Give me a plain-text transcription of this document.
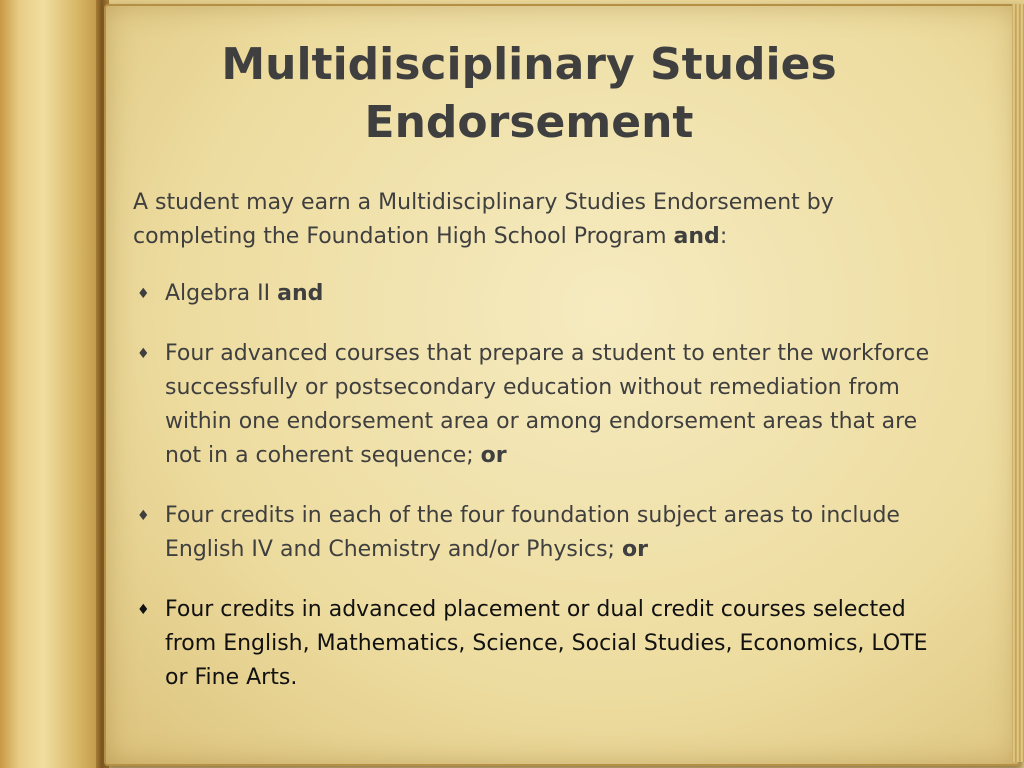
Multidisciplinary Studies
Endorsement

A student may earn a Multidisciplinary Studies Endorsement by completing the Foundation High School Program and:

♦ Algebra II and
♦ Four advanced courses that prepare a student to enter the workforce successfully or postsecondary education without remediation from within one endorsement area or among endorsement areas that are not in a coherent sequence; or
♦ Four credits in each of the four foundation subject areas to include English IV and Chemistry and/or Physics; or
♦ Four credits in advanced placement or dual credit courses selected from English, Mathematics, Science, Social Studies, Economics, LOTE or Fine Arts.
